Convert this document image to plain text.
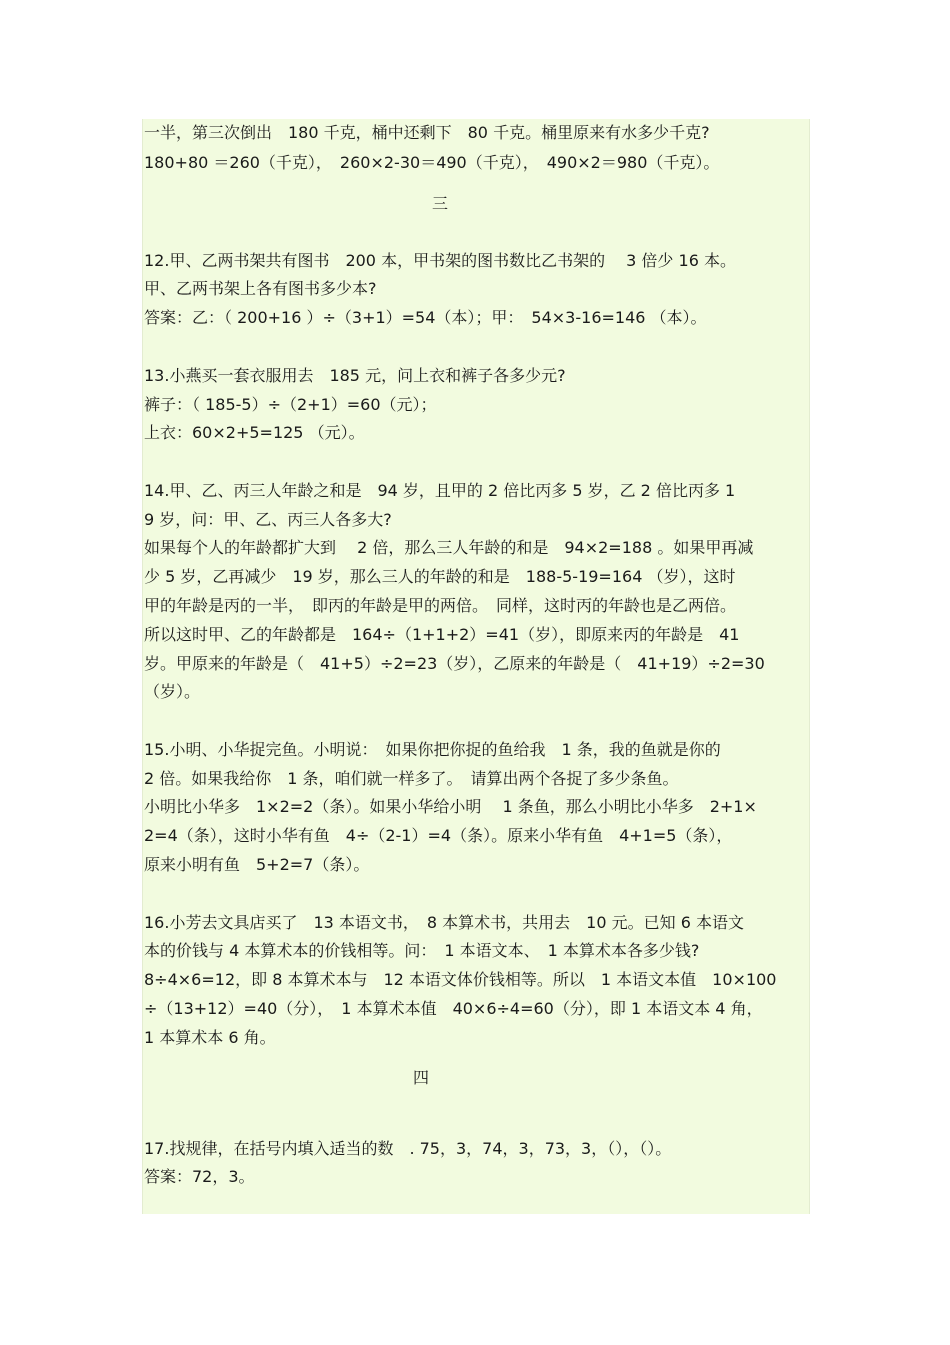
一半，第三次倒出　180 千克，桶中还剩下　80 千克。桶里原来有水多少千克?
180+80 ＝260（千克），　260×2-30＝490（千克），　490×2＝980（千克）。
三
12.甲、乙两书架共有图书　200 本，甲书架的图书数比乙书架的　 3 倍少 16 本。
甲、乙两书架上各有图书多少本?
答案：乙：（ 200+16 ）÷（3+1）=54（本）；甲：　54×3-16=146 （本）。
13.小燕买一套衣服用去　185 元，问上衣和裤子各多少元?
裤子：（ 185-5）÷（2+1）=60（元）；
上衣：60×2+5=125 （元）。
14.甲、乙、丙三人年龄之和是　94 岁，且甲的 2 倍比丙多 5 岁，乙 2 倍比丙多 1
9 岁，问：甲、乙、丙三人各多大?
如果每个人的年龄都扩大到　 2 倍，那么三人年龄的和是　94×2=188 。如果甲再减
少 5 岁，乙再减少　19 岁，那么三人的年龄的和是　188-5-19=164 （岁），这时
甲的年龄是丙的一半，　即丙的年龄是甲的两倍。　同样，这时丙的年龄也是乙两倍。
所以这时甲、乙的年龄都是　164÷（1+1+2）=41（岁），即原来丙的年龄是　41
岁。甲原来的年龄是（　41+5）÷2=23（岁），乙原来的年龄是（　41+19）÷2=30
（岁）。
15.小明、小华捉完鱼。小明说：　如果你把你捉的鱼给我　1 条，我的鱼就是你的
2 倍。如果我给你　1 条，咱们就一样多了。　请算出两个各捉了多少条鱼。
小明比小华多　1×2=2（条）。如果小华给小明　 1 条鱼，那么小明比小华多　2+1×
2=4（条），这时小华有鱼　4÷（2-1）=4（条）。原来小华有鱼　4+1=5（条），
原来小明有鱼　5+2=7（条）。
16.小芳去文具店买了　13 本语文书，　8 本算术书，共用去　10 元。已知 6 本语文
本的价钱与 4 本算术本的价钱相等。问：　1 本语文本、　1 本算术本各多少钱?
8÷4×6=12，即 8 本算术本与　12 本语文体价钱相等。所以　1 本语文本值　10×100
÷（13+12）=40（分），　1 本算术本值　40×6÷4=60（分），即 1 本语文本 4 角，
1 本算术本 6 角。
四
17.找规律，在括号内填入适当的数　. 75，3，74，3，73，3，（），（）。
答案：72，3。
